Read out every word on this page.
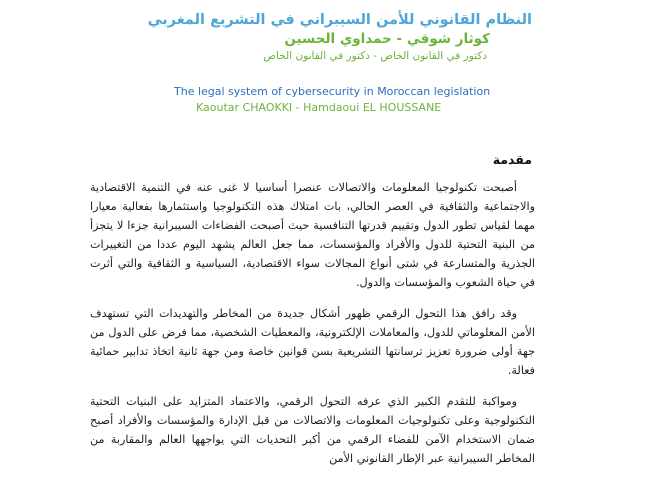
النظام القانوني للأمن السيبراني في التشريع المغربي
كوثار شوقي - حمداوي الحسين
دكتور في القانون الخاص - دكتور في القانون الخاص
The legal system of cybersecurity in Moroccan legislation
Kaoutar CHAOKKI - Hamdaoui EL HOUSSANE
مقدمة

أصبحت تكنولوجيا المعلومات والاتصالات عنصرا أساسيا لا غنى عنه في التنمية الاقتصادية والاجتماعية والثقافية في العصر الحالي، بات امتلاك هذه التكنولوجيا واستثمارها بفعالية معيارا مهما لقياس تطور الدول وتقييم قدرتها التنافسية حيث أصبحت الفضاءات السيبرانية جزءا لا يتجزأ من البنية التحتية للدول والأفراد والمؤسسات، مما جعل العالم يشهد اليوم عددا من التغييرات الجذرية والمتسارعة في شتى أنواع المجالات سواء الاقتصادية، السياسية و الثقافية والتي أثرت في حياة الشعوب والمؤسسات والدول.

وقد رافق هذا التحول الرقمي ظهور أشكال جديدة من المخاطر والتهديدات التي تستهدف الأمن المعلوماتي للدول، والمعاملات الإلكترونية، والمعطيات الشخصية، مما فرض على الدول من جهة أولى ضرورة تعزيز ترسانتها التشريعية بسن قوانين خاصة ومن جهة ثانية اتخاذ تدابير حمائية فعالة.

ومواكبة للتقدم الكبير الذي عرفه التحول الرقمي، والاعتماد المتزايد على البنيات التحتية التكنولوجية وعلى تكنولوجيات المعلومات والاتصالات من قبل الإدارة والمؤسسات والأفراد أصبح ضمان الاستخدام الآمن للفضاء الرقمي من أكبر التحديات التي يواجهها العالم والمقاربة من المخاطر السيبرانية عبر الإطار القانوني الأمن
